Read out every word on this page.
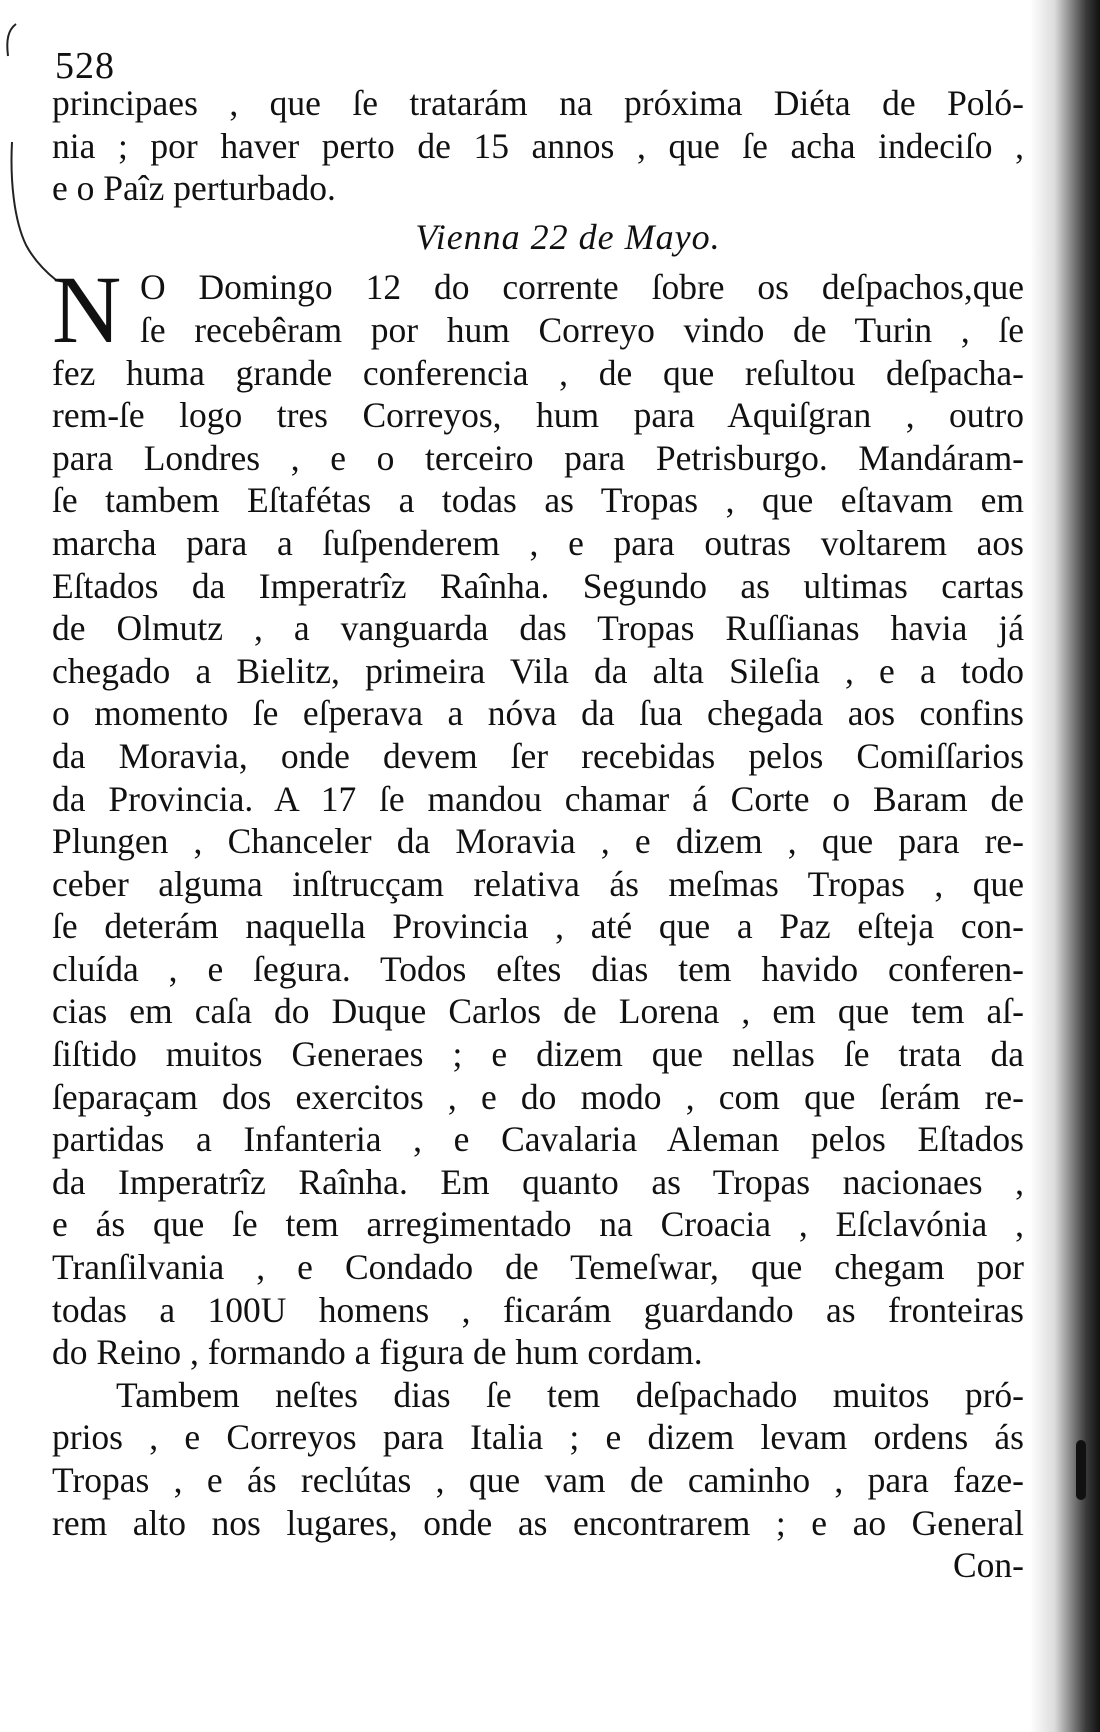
528
principaes , que ſe tratarám na próxima Diéta de Poló-
nia ; por haver perto de 15 annos , que ſe acha indeciſo ,
e o Paîz perturbado.
Vienna 22 de Mayo.
N O Domingo 12 do corrente ſobre os deſpachos,que
ſe recebêram por hum Correyo vindo de Turin , ſe
fez huma grande conferencia , de que reſultou deſpacha-
rem-ſe logo tres Correyos, hum para Aquiſgran , outro
para Londres , e o terceiro para Petrisburgo. Mandáram-
ſe tambem Eſtafétas a todas as Tropas , que eſtavam em
marcha para a ſuſpenderem , e para outras voltarem aos
Eſtados da Imperatrîz Raînha. Segundo as ultimas cartas
de Olmutz , a vanguarda das Tropas Ruſſianas havia já
chegado a Bielitz, primeira Vila da alta Sileſia , e a todo
o momento ſe eſperava a nóva da ſua chegada aos confins
da Moravia, onde devem ſer recebidas pelos Comiſſarios
da Provincia. A 17 ſe mandou chamar á Corte o Baram de
Plungen , Chanceler da Moravia , e dizem , que para re-
ceber alguma inſtrucçam relativa ás meſmas Tropas , que
ſe deterám naquella Provincia , até que a Paz eſteja con-
cluída , e ſegura. Todos eſtes dias tem havido conferen-
cias em caſa do Duque Carlos de Lorena , em que tem aſ-
ſiſtido muitos Generaes ; e dizem que nellas ſe trata da
ſeparaçam dos exercitos , e do modo , com que ſerám re-
partidas a Infanteria , e Cavalaria Aleman pelos Eſtados
da Imperatrîz Raînha. Em quanto as Tropas nacionaes ,
e ás que ſe tem arregimentado na Croacia , Eſclavónia ,
Tranſilvania , e Condado de Temeſwar, que chegam por
todas a 100U homens , ficarám guardando as fronteiras
do Reino , formando a figura de hum cordam.
Tambem neſtes dias ſe tem deſpachado muitos pró-
prios , e Correyos para Italia ; e dizem levam ordens ás
Tropas , e ás reclútas , que vam de caminho , para faze-
rem alto nos lugares, onde as encontrarem ; e ao General
Con-
